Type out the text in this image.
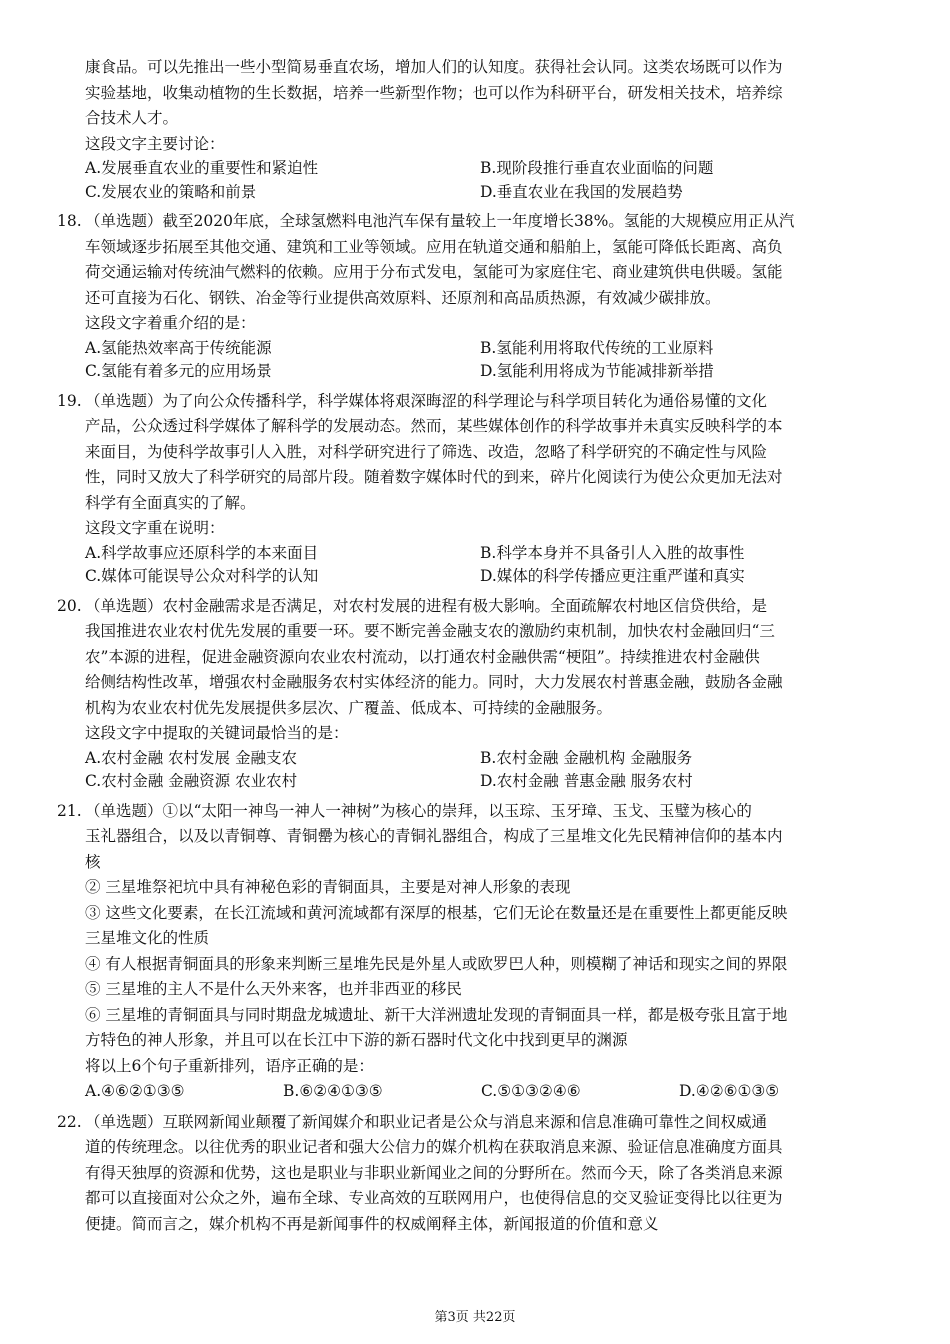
康食品。可以先推出一些小型简易垂直农场，增加人们的认知度。获得社会认同。这类农场既可以作为

实验基地，收集动植物的生长数据，培养一些新型作物；也可以作为科研平台，研发相关技术，培养综

合技术人才。

这段文字主要讨论：

A.发展垂直农业的重要性和紧迫性	B.现阶段推行垂直农业面临的问题
C.发展农业的策略和前景	D.垂直农业在我国的发展趋势
18. （单选题）截至2020年底，全球氢燃料电池汽车保有量较上一年度增长38%。氢能的大规模应用正从汽

车领域逐步拓展至其他交通、建筑和工业等领域。应用在轨道交通和船舶上，氢能可降低长距离、高负

荷交通运输对传统油气燃料的依赖。应用于分布式发电，氢能可为家庭住宅、商业建筑供电供暖。氢能

还可直接为石化、钢铁、冶金等行业提供高效原料、还原剂和高品质热源，有效减少碳排放。

这段文字着重介绍的是：

A.氢能热效率高于传统能源	B.氢能利用将取代传统的工业原料
C.氢能有着多元的应用场景	D.氢能利用将成为节能减排新举措
19. （单选题）为了向公众传播科学，科学媒体将艰深晦涩的科学理论与科学项目转化为通俗易懂的文化

产品，公众透过科学媒体了解科学的发展动态。然而，某些媒体创作的科学故事并未真实反映科学的本

来面目，为使科学故事引人入胜，对科学研究进行了筛选、改造，忽略了科学研究的不确定性与风险

性，同时又放大了科学研究的局部片段。随着数字媒体时代的到来，碎片化阅读行为使公众更加无法对

科学有全面真实的了解。

这段文字重在说明：

A.科学故事应还原科学的本来面目	B.科学本身并不具备引人入胜的故事性
C.媒体可能误导公众对科学的认知	D.媒体的科学传播应更注重严谨和真实
20. （单选题）农村金融需求是否满足，对农村发展的进程有极大影响。全面疏解农村地区信贷供给，是

我国推进农业农村优先发展的重要一环。要不断完善金融支农的激励约束机制，加快农村金融回归“三

农”本源的进程，促进金融资源向农业农村流动，以打通农村金融供需“梗阻”。持续推进农村金融供

给侧结构性改革，增强农村金融服务农村实体经济的能力。同时，大力发展农村普惠金融，鼓励各金融

机构为农业农村优先发展提供多层次、广覆盖、低成本、可持续的金融服务。

这段文字中提取的关键词最恰当的是：

A.农村金融 农村发展 金融支农	B.农村金融 金融机构 金融服务
C.农村金融 金融资源 农业农村	D.农村金融 普惠金融 服务农村
21. （单选题）①以“太阳一神鸟一神人一神树”为核心的崇拜，以玉琮、玉牙璋、玉戈、玉璧为核心的

玉礼器组合，以及以青铜尊、青铜罍为核心的青铜礼器组合，构成了三星堆文化先民精神信仰的基本内

核

② 三星堆祭祀坑中具有神秘色彩的青铜面具，主要是对神人形象的表现

③ 这些文化要素，在长江流域和黄河流域都有深厚的根基，它们无论在数量还是在重要性上都更能反映

三星堆文化的性质

④ 有人根据青铜面具的形象来判断三星堆先民是外星人或欧罗巴人种，则模糊了神话和现实之间的界限

⑤ 三星堆的主人不是什么天外来客，也并非西亚的移民

⑥ 三星堆的青铜面具与同时期盘龙城遗址、新干大洋洲遗址发现的青铜面具一样，都是极夸张且富于地

方特色的神人形象，并且可以在长江中下游的新石器时代文化中找到更早的渊源

将以上6个句子重新排列，语序正确的是：

A.④⑥②①③⑤	B.⑥②④①③⑤	C.⑤①③②④⑥	D.④②⑥①③⑤
22. （单选题）互联网新闻业颠覆了新闻媒介和职业记者是公众与消息来源和信息准确可靠性之间权威通

道的传统理念。以往优秀的职业记者和强大公信力的媒介机构在获取消息来源、验证信息准确度方面具

有得天独厚的资源和优势，这也是职业与非职业新闻业之间的分野所在。然而今天，除了各类消息来源

都可以直接面对公众之外，遍布全球、专业高效的互联网用户，也使得信息的交叉验证变得比以往更为

便捷。简而言之，媒介机构不再是新闻事件的权威阐释主体，新闻报道的价值和意义

第3页 共22页
